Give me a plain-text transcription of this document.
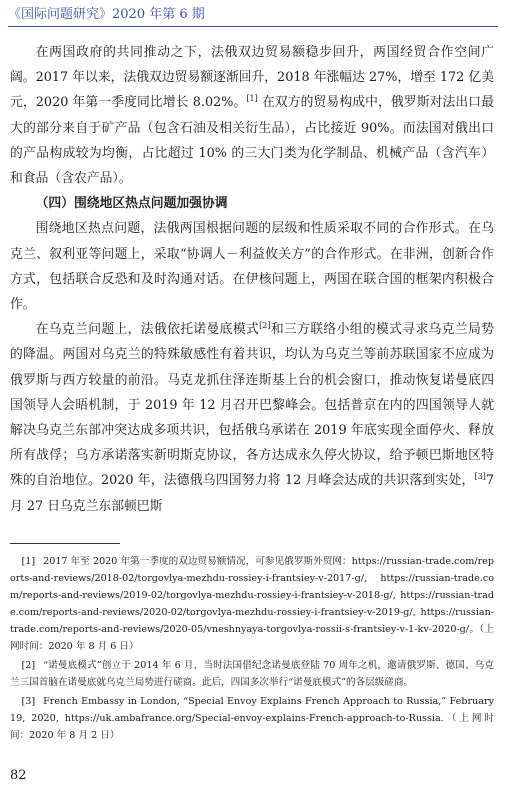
《国际问题研究》2020 年第 6 期

在两国政府的共同推动之下，法俄双边贸易额稳步回升，两国经贸合作空间广阔。2017 年以来，法俄双边贸易额逐渐回升，2018 年涨幅达 27%，增至 172 亿美元，2020 年第一季度同比增长 8.02%。[1] 在双方的贸易构成中，俄罗斯对法出口最大的部分来自于矿产品（包含石油及相关衍生品），占比接近 90%。而法国对俄出口的产品构成较为均衡，占比超过 10% 的三大门类为化学制品、机械产品（含汽车）和食品（含农产品）。

（四）围绕地区热点问题加强协调

围绕地区热点问题，法俄两国根据问题的层级和性质采取不同的合作形式。在乌克兰、叙利亚等问题上，采取“协调人－利益攸关方”的合作形式。在非洲，创新合作方式，包括联合反恐和及时沟通对话。在伊核问题上，两国在联合国的框架内积极合作。

在乌克兰问题上，法俄依托诺曼底模式[2]和三方联络小组的模式寻求乌克兰局势的降温。两国对乌克兰的特殊敏感性有着共识，均认为乌克兰等前苏联国家不应成为俄罗斯与西方较量的前沿。马克龙抓住泽连斯基上台的机会窗口，推动恢复诺曼底四国领导人会晤机制，于 2019 年 12 月召开巴黎峰会。包括普京在内的四国领导人就解决乌克兰东部冲突达成多项共识，包括俄乌承诺在 2019 年底实现全面停火、释放所有战俘；乌方承诺落实新明斯克协议，各方达成永久停火协议，给予顿巴斯地区特殊的自治地位。2020 年，法德俄乌四国努力将 12 月峰会达成的共识落到实处，[3]7 月 27 日乌克兰东部顿巴斯

[1] 2017 年至 2020 年第一季度的双边贸易额情况，可参见俄罗斯外贸网：https://russian-trade.com/reports-and-reviews/2018-02/torgovlya-mezhdu-rossiey-i-frantsiey-v-2017-g/, https://russian-trade.com/reports-and-reviews/2019-02/torgovlya-mezhdu-rossiey-i-frantsiey-v-2018-g/, https://russian-trade.com/reports-and-reviews/2020-02/torgovlya-mezhdu-rossiey-i-frantsiey-v-2019-g/, https://russian-trade.com/reports-and-reviews/2020-05/vneshnyaya-torgovlya-rossii-s-frantsiey-v-1-kv-2020-g/。（上网时间：2020 年 8 月 6 日）

[2] “诺曼底模式”创立于 2014 年 6 月，当时法国借纪念诺曼底登陆 70 周年之机，邀请俄罗斯、德国、乌克兰三国首脑在诺曼底就乌克兰局势进行磋商。此后，四国多次举行“诺曼底模式”的各层级磋商。

[3] French Embassy in London, “Special Envoy Explains French Approach to Russia,” February 19, 2020, https://uk.ambafrance.org/Special-envoy-explains-French-approach-to-Russia.（上网时间：2020 年 8 月 2 日）

82
